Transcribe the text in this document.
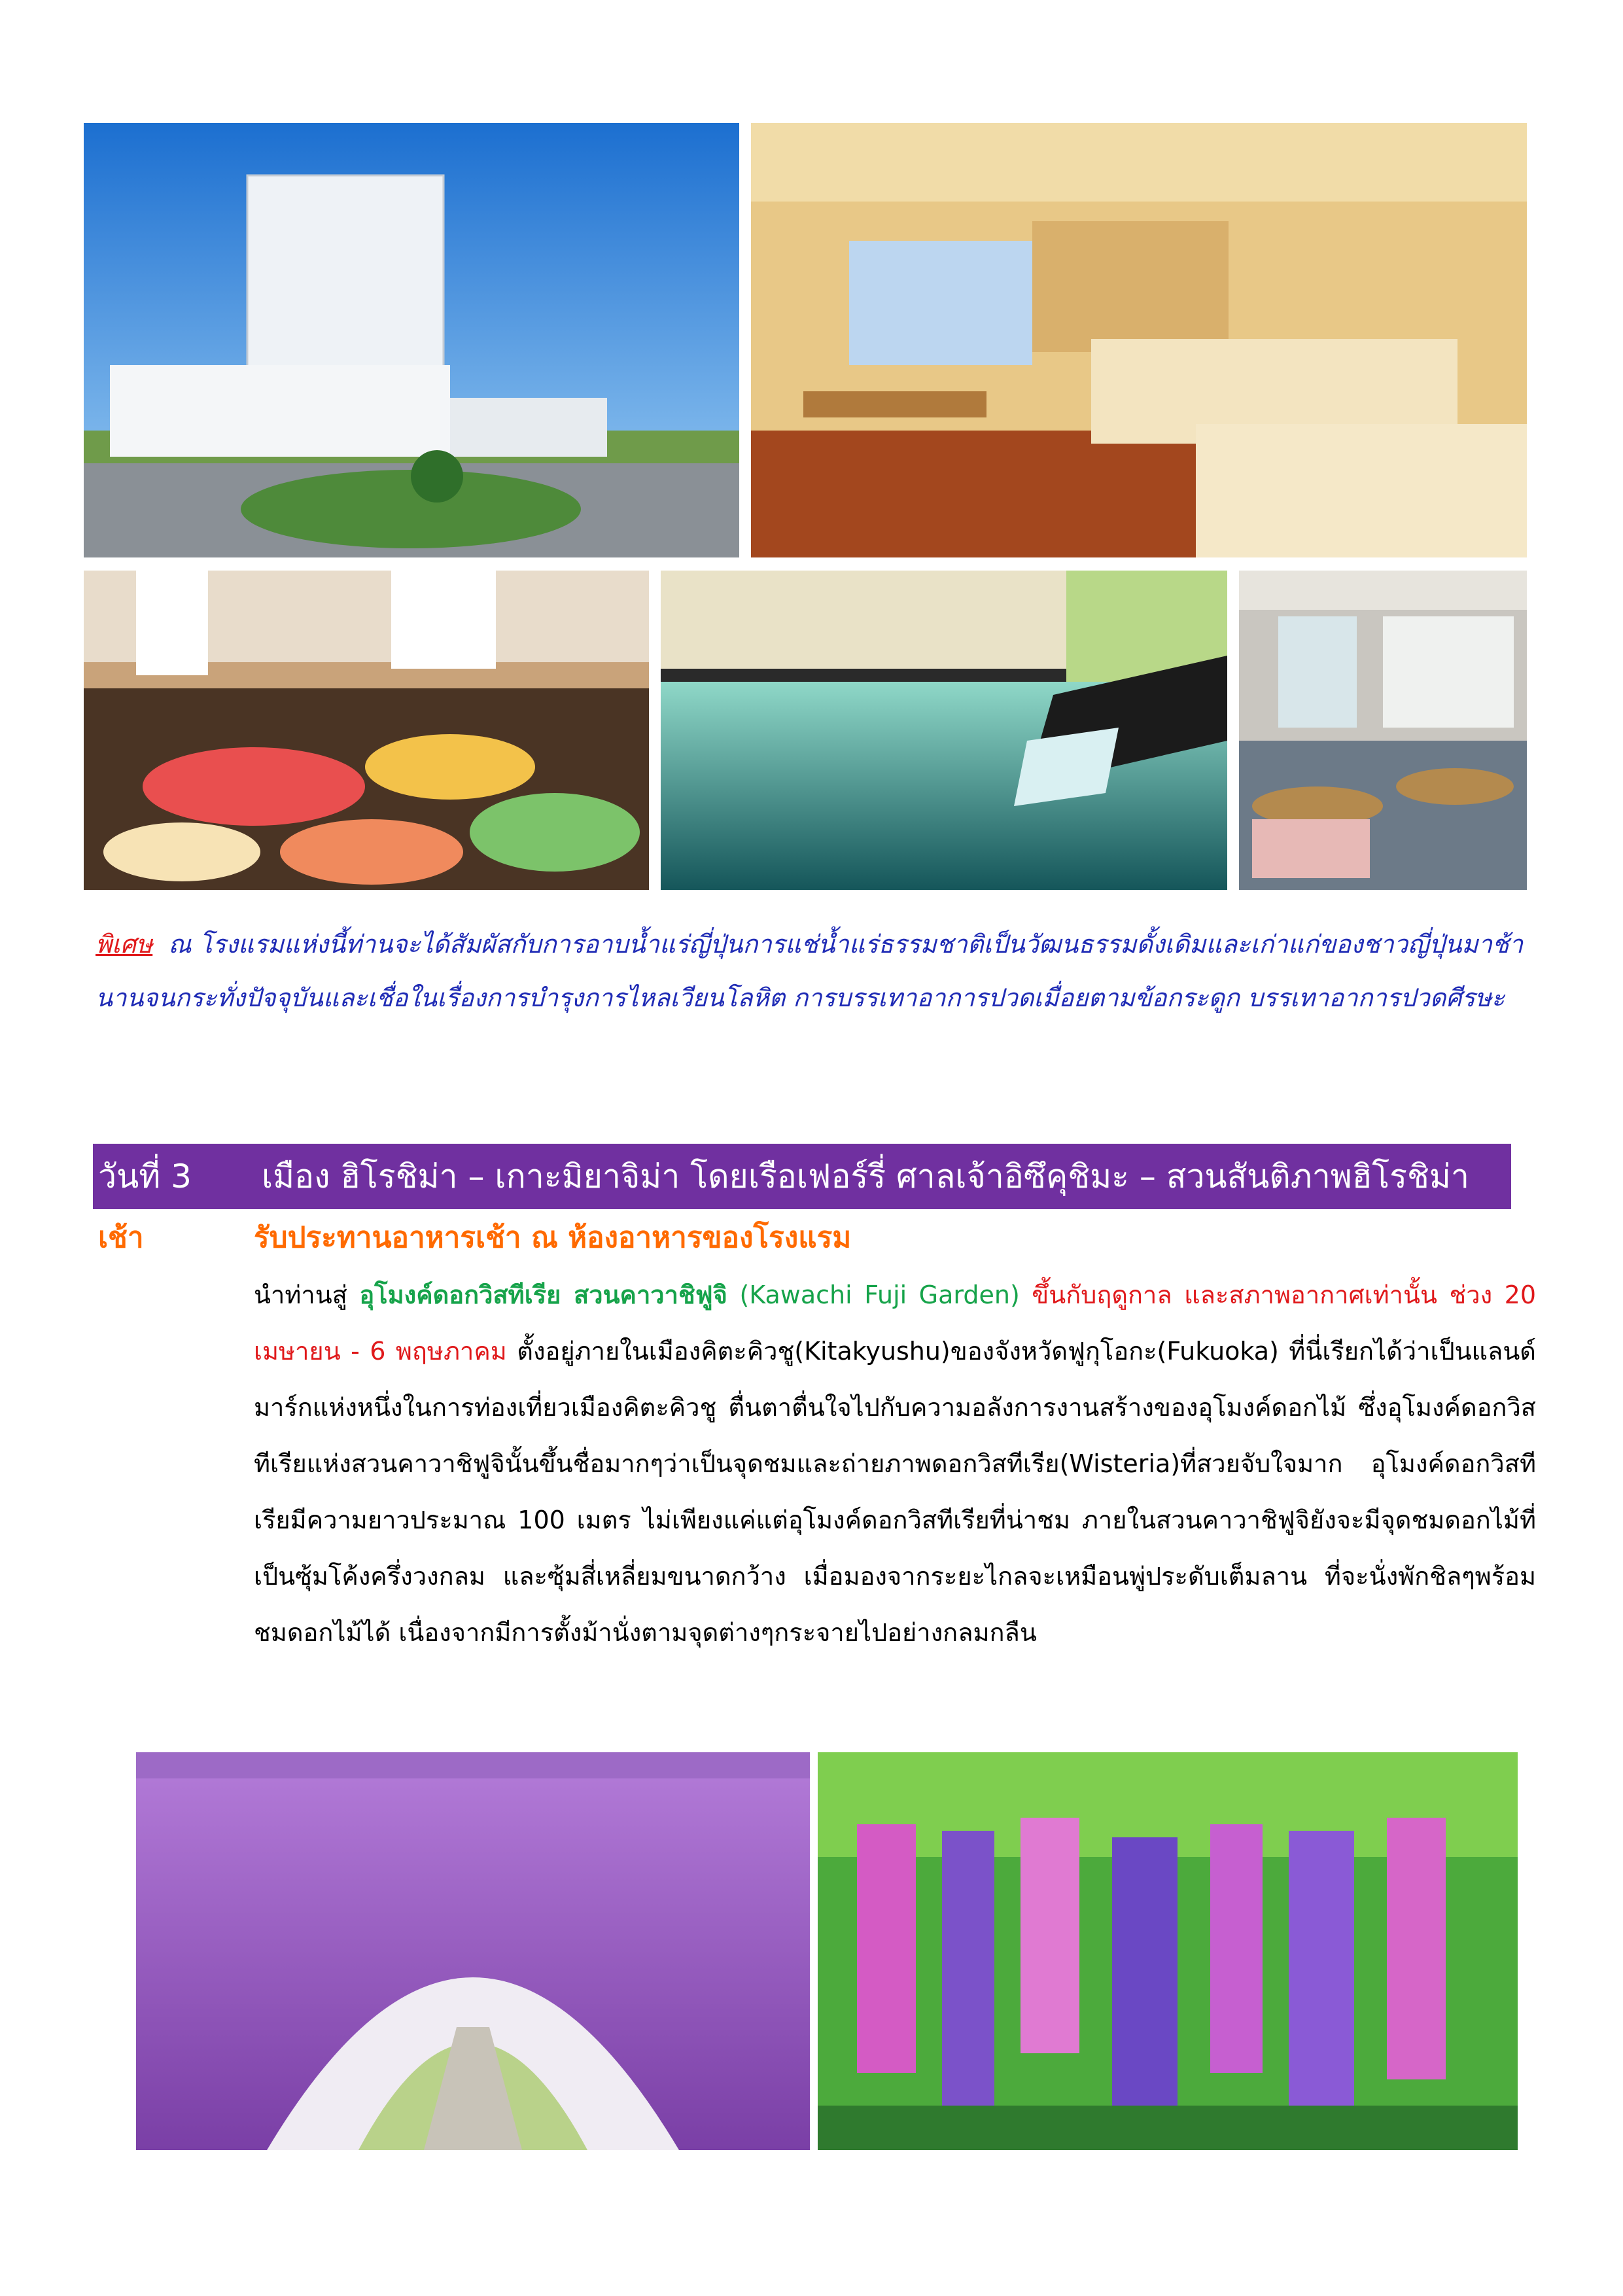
พิเศษ ณ โรงแรมแห่งนี้ท่านจะได้สัมผัสกับการอาบน้ำแร่ญี่ปุ่นการแช่น้ำแร่ธรรมชาติเป็นวัฒนธรรมดั้งเดิมและเก่าแก่ของชาวญี่ปุ่นมาช้านานจนกระทั่งปัจจุบันและเชื่อในเรื่องการบำรุงการไหลเวียนโลหิต การบรรเทาอาการปวดเมื่อยตามข้อกระดูก บรรเทาอาการปวดศีรษะ
วันที่ 3	เมือง ฮิโรชิม่า – เกาะมิยาจิม่า โดยเรือเฟอร์รี่ ศาลเจ้าอิซึคุชิมะ – สวนสันติภาพฮิโรชิม่า
เช้า	รับประทานอาหารเช้า ณ ห้องอาหารของโรงแรม
นำท่านสู่ อุโมงค์ดอกวิสทีเรีย สวนคาวาชิฟูจิ (Kawachi Fuji Garden) ขึ้นกับฤดูกาล และสภาพอากาศเท่านั้น ช่วง 20 เมษายน - 6 พฤษภาคม ตั้งอยู่ภายในเมืองคิตะคิวชู(Kitakyushu)ของจังหวัดฟูกุโอกะ(Fukuoka) ที่นี่เรียกได้ว่าเป็นแลนด์มาร์กแห่งหนึ่งในการท่องเที่ยวเมืองคิตะคิวชู ตื่นตาตื่นใจไปกับความอลังการงานสร้างของอุโมงค์ดอกไม้ ซึ่งอุโมงค์ดอกวิสทีเรียแห่งสวนคาวาชิฟูจินั้นขึ้นชื่อมากๆว่าเป็นจุดชมและถ่ายภาพดอกวิสทีเรีย(Wisteria)ที่สวยจับใจมาก อุโมงค์ดอกวิสทีเรียมีความยาวประมาณ 100 เมตร ไม่เพียงแค่แต่อุโมงค์ดอกวิสทีเรียที่น่าชม ภายในสวนคาวาชิฟูจิยังจะมีจุดชมดอกไม้ที่เป็นซุ้มโค้งครึ่งวงกลม และซุ้มสี่เหลี่ยมขนาดกว้าง เมื่อมองจากระยะไกลจะเหมือนพู่ประดับเต็มลาน ที่จะนั่งพักชิลๆพร้อมชมดอกไม้ได้ เนื่องจากมีการตั้งม้านั่งตามจุดต่างๆกระจายไปอย่างกลมกลืน
